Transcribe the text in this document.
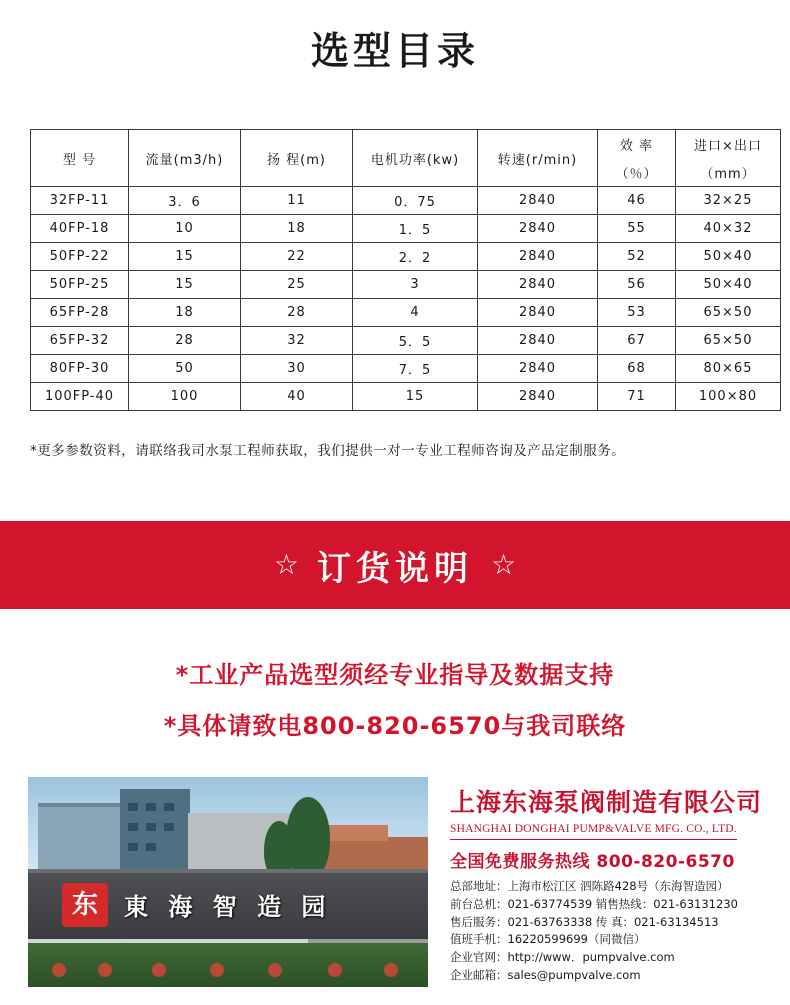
选型目录
型 号	流量(m3/h)	扬 程(m)	电机功率(kw)	转速(r/min)	效 率	进口×出口
					（％）	（mm）
32FP-11	3．6	11	0．75	2840	46	32×25
40FP-18	10	18	1．5	2840	55	40×32
50FP-22	15	22	2．2	2840	52	50×40
50FP-25	15	25	3	2840	56	50×40
65FP-28	18	28	4	2840	53	65×50
65FP-32	28	32	5．5	2840	67	65×50
80FP-30	50	30	7．5	2840	68	80×65
100FP-40	100	40	15	2840	71	100×80
*更多参数资料，请联络我司水泵工程师获取，我们提供一对一专业工程师咨询及产品定制服务。
☆ 订货说明 ☆
*工业产品选型须经专业指导及数据支持
*具体请致电800-820-6570与我司联络
东	東 海 智 造 园
上海东海泵阀制造有限公司
SHANGHAI DONGHAI PUMP&VALVE MFG. CO., LTD.
全国免费服务热线 800-820-6570
总部地址：上海市松江区 泗陈路428号（东海智造园）
前台总机：021-63774539 销售热线：021-63131230
售后服务：021-63763338 传 真：021-63134513
值班手机：16220599699（同微信）
企业官网：http://www．pumpvalve.com
企业邮箱：sales@pumpvalve.com
